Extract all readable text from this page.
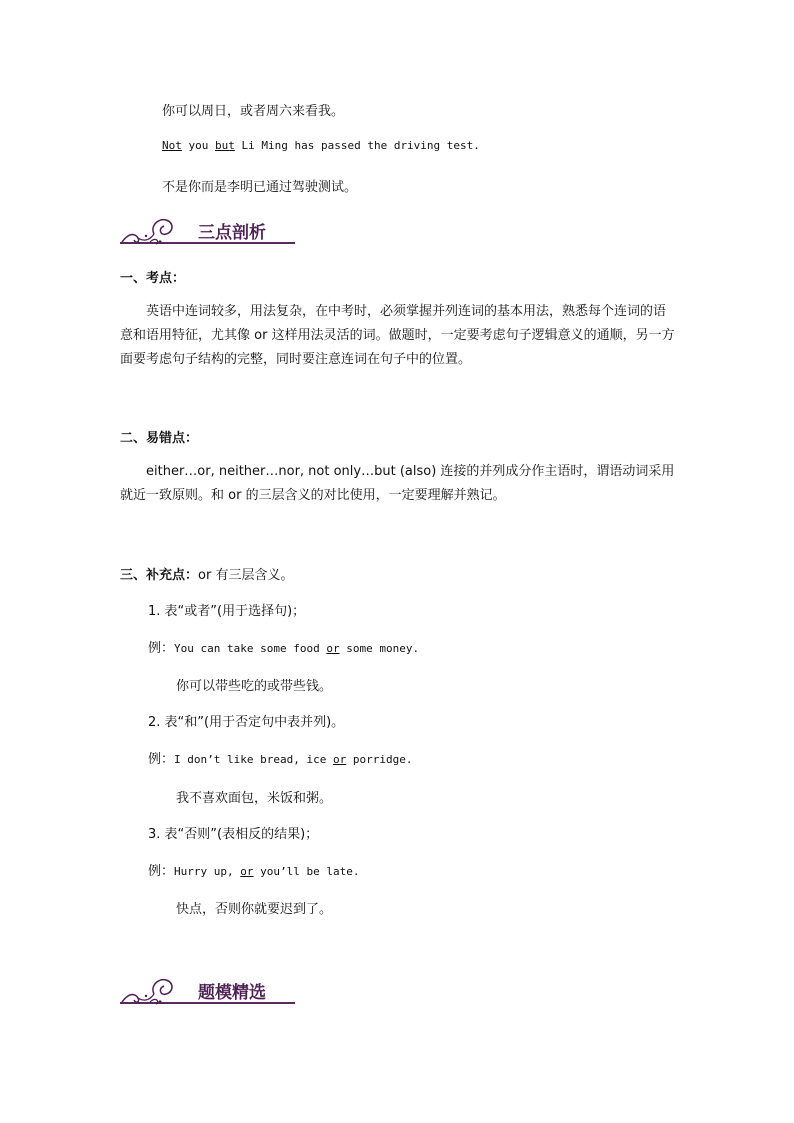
你可以周日，或者周六来看我。
Not you but Li Ming has passed the driving test.
不是你而是李明已通过驾驶测试。
三点剖析
一、考点：
英语中连词较多，用法复杂，在中考时，必须掌握并列连词的基本用法，熟悉每个连词的语意和语用特征，尤其像 or 这样用法灵活的词。做题时，一定要考虑句子逻辑意义的通顺，另一方面要考虑句子结构的完整，同时要注意连词在句子中的位置。
二、易错点：
either…or, neither…nor, not only…but (also) 连接的并列成分作主语时，谓语动词采用就近一致原则。和 or 的三层含义的对比使用，一定要理解并熟记。
三、补充点：or 有三层含义。
1. 表“或者”(用于选择句)；
例：You can take some food or some money.
你可以带些吃的或带些钱。
2. 表“和”(用于否定句中表并列)。
例：I don’t like bread, ice or porridge.
我不喜欢面包，米饭和粥。
3. 表“否则”(表相反的结果)；
例：Hurry up, or you’ll be late.
快点，否则你就要迟到了。
题模精选
